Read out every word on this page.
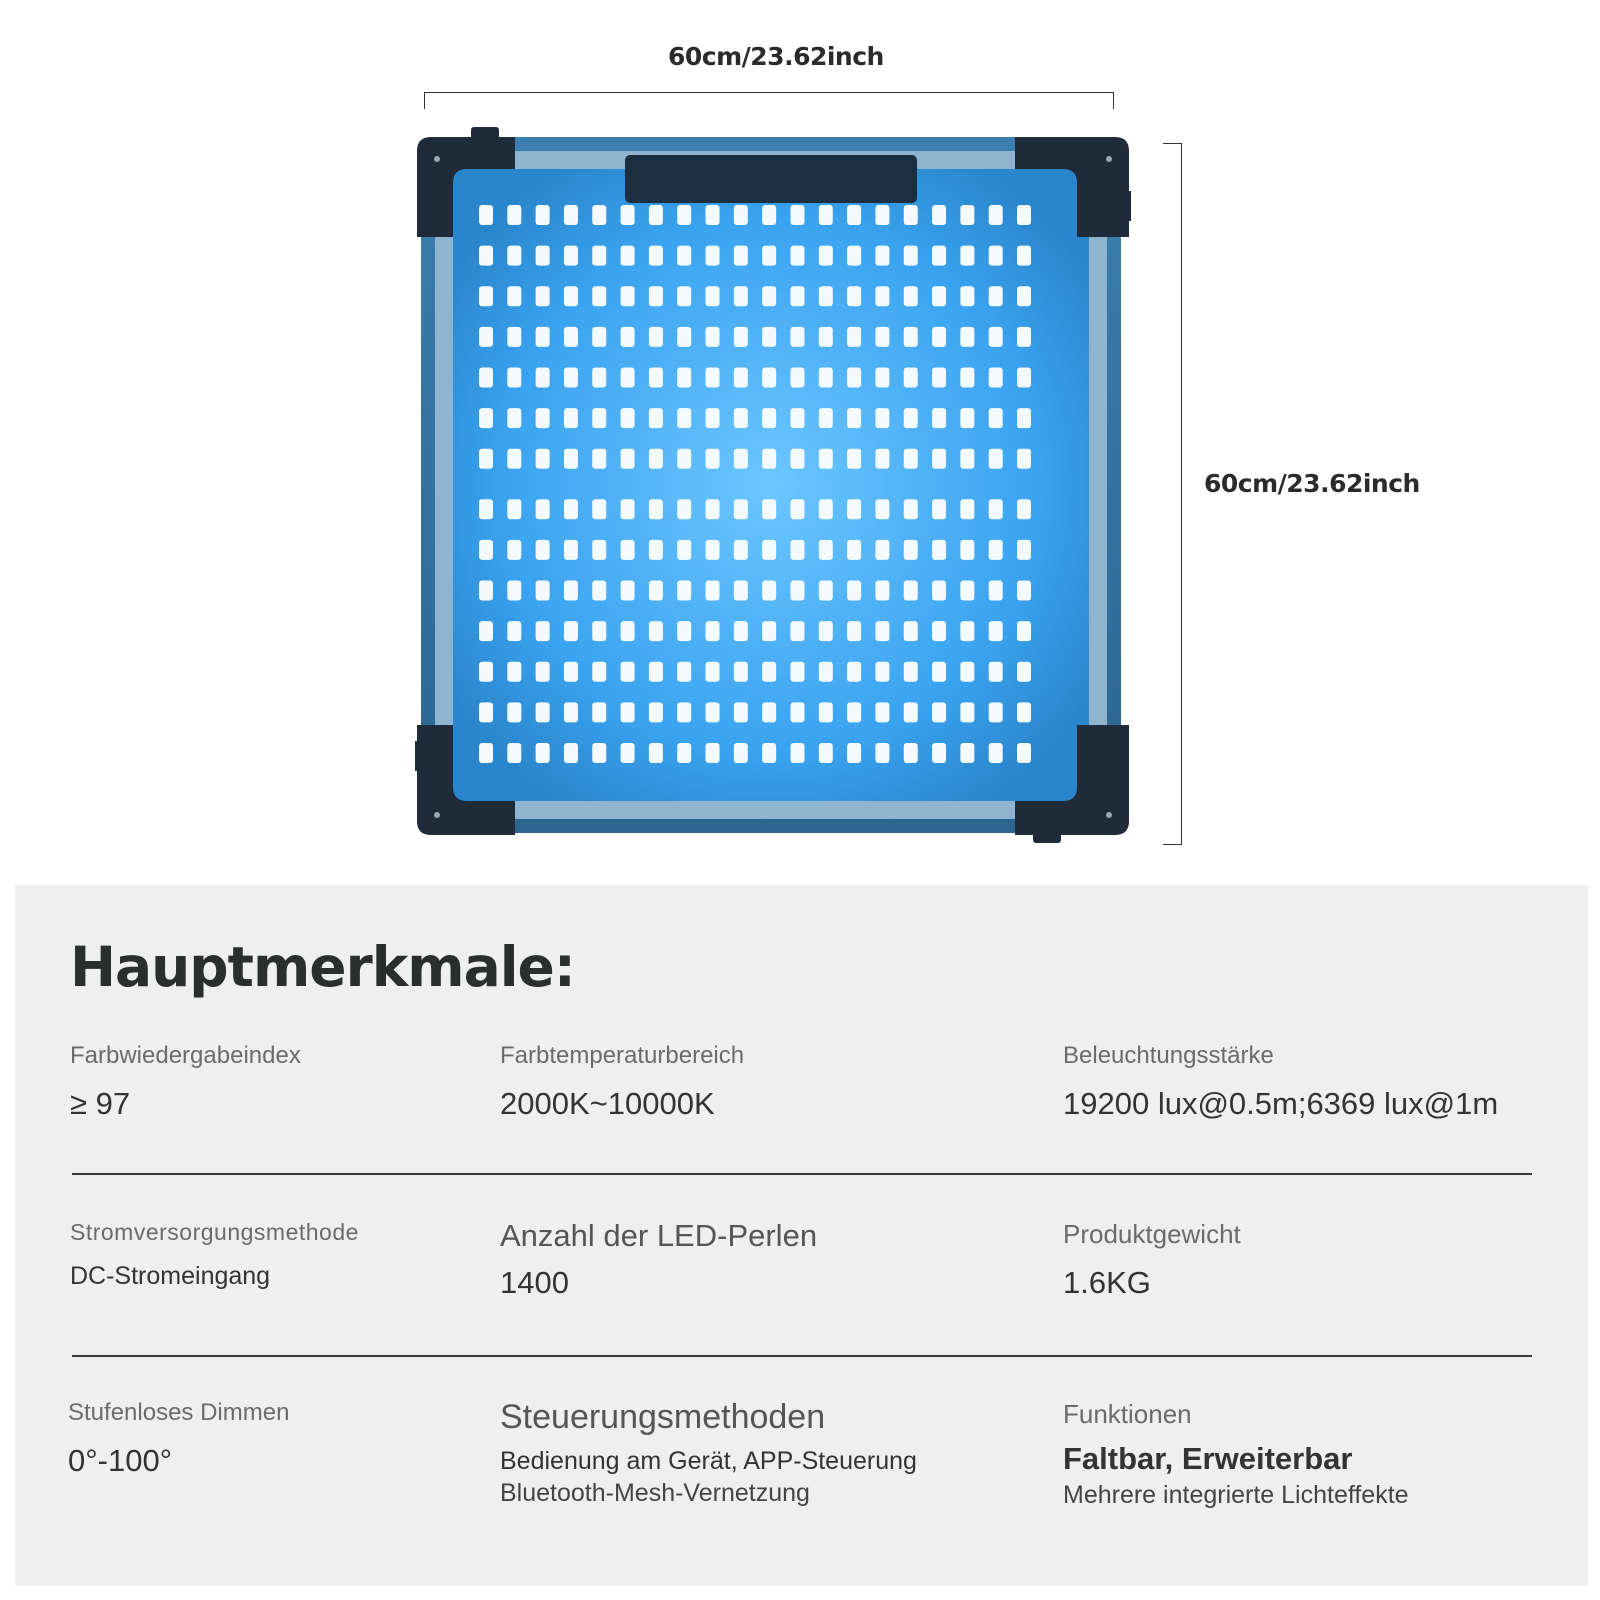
60cm/23.62inch
60cm/23.62inch
Hauptmerkmale:
Farbwiedergabeindex
≥ 97
Farbtemperaturbereich
2000K~10000K
Beleuchtungsstärke
19200 lux@0.5m;6369 lux@1m
Stromversorgungsmethode
DC-Stromeingang
Anzahl der LED-Perlen
1400
Produktgewicht
1.6KG
Stufenloses Dimmen
0°-100°
Steuerungsmethoden
Bedienung am Gerät, APP-Steuerung
Bluetooth-Mesh-Vernetzung
Funktionen
Faltbar, Erweiterbar
Mehrere integrierte Lichteffekte
